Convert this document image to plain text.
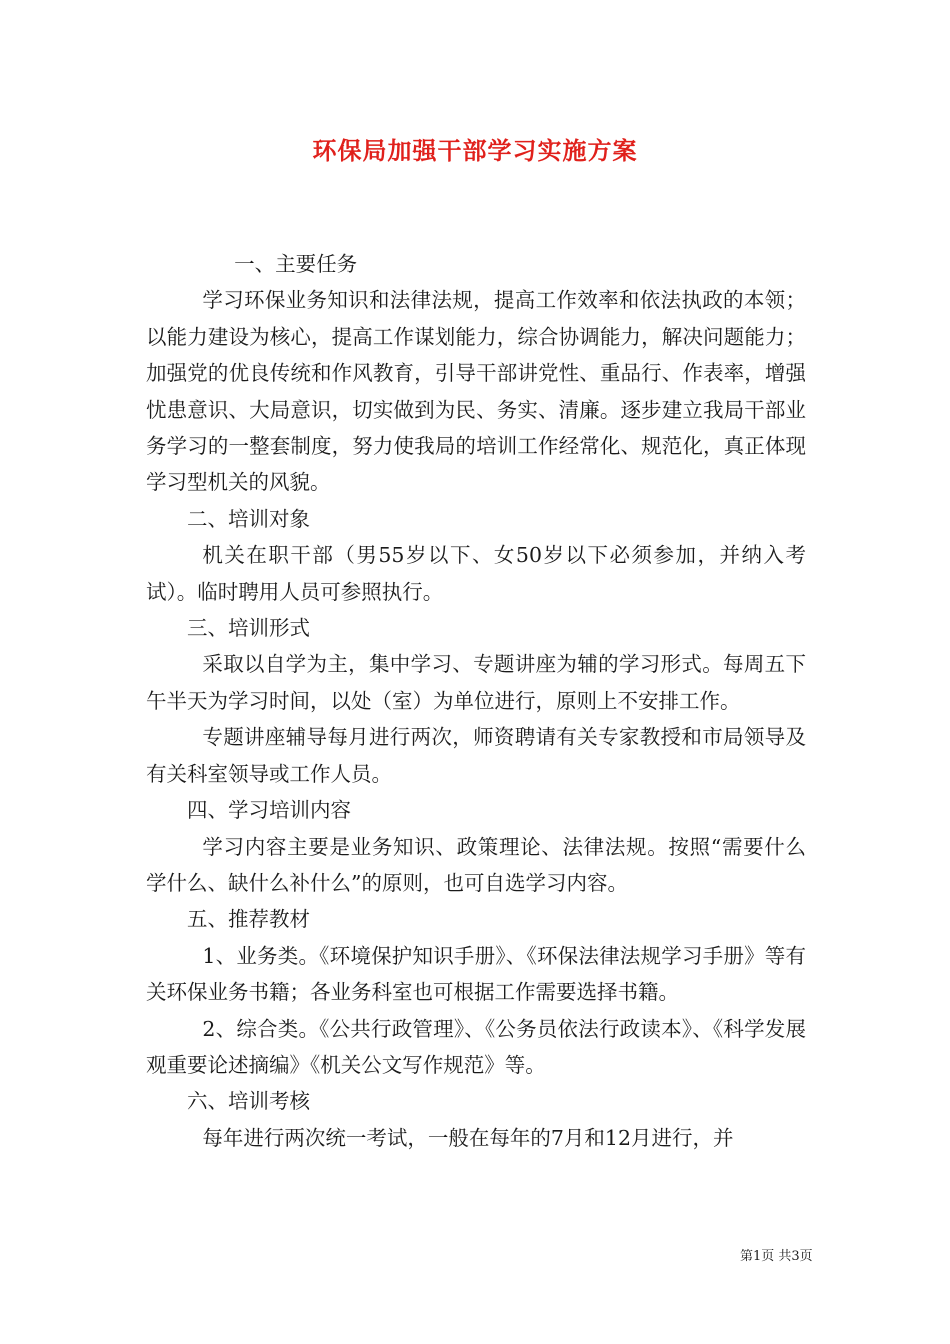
环保局加强干部学习实施方案

一、主要任务

学习环保业务知识和法律法规，提高工作效率和依法执政的本领；以能力建设为核心，提高工作谋划能力，综合协调能力，解决问题能力；加强党的优良传统和作风教育，引导干部讲党性、重品行、作表率，增强忧患意识、大局意识，切实做到为民、务实、清廉。逐步建立我局干部业务学习的一整套制度，努力使我局的培训工作经常化、规范化，真正体现学习型机关的风貌。

二、培训对象

机关在职干部（男55岁以下、女50岁以下必须参加，并纳入考试）。临时聘用人员可参照执行。

三、培训形式

采取以自学为主，集中学习、专题讲座为辅的学习形式。每周五下午半天为学习时间，以处（室）为单位进行，原则上不安排工作。

专题讲座辅导每月进行两次，师资聘请有关专家教授和市局领导及有关科室领导或工作人员。

四、学习培训内容

学习内容主要是业务知识、政策理论、法律法规。按照“需要什么学什么、缺什么补什么”的原则，也可自选学习内容。

五、推荐教材

1、业务类。《环境保护知识手册》、《环保法律法规学习手册》等有关环保业务书籍；各业务科室也可根据工作需要选择书籍。

2、综合类。《公共行政管理》、《公务员依法行政读本》、《科学发展观重要论述摘编》《机关公文写作规范》等。

六、培训考核

每年进行两次统一考试，一般在每年的7月和12月进行，并

第1页 共3页
